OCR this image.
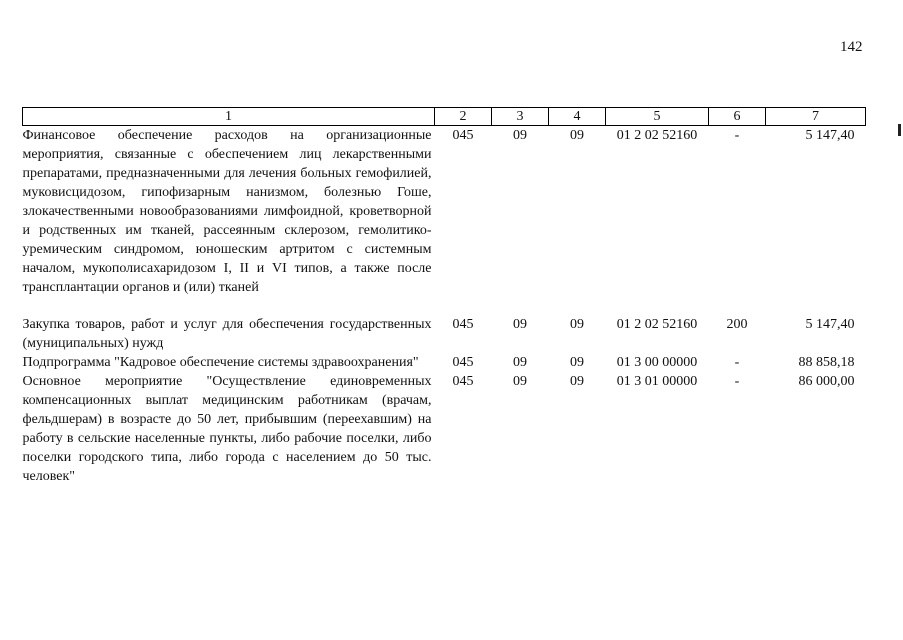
142
1	2	3	4	5	6	7
Финансовое обеспечение расходов на организационные мероприятия, связанные с обеспечением лиц лекарственными препаратами, предназначенными для лечения больных гемофилией, муковисцидозом, гипофизарным нанизмом, болезнью Гоше, злокачественными новообразованиями лимфоидной, кроветворной и родственных им тканей, рассеянным склерозом, гемолитико-уремическим синдромом, юношеским артритом с системным началом, мукополисахаридозом I, II и VI типов, а также после трансплантации органов и (или) тканей	045	09	09	01 2 02 52160	-	5 147,40
Закупка товаров, работ и услуг для обеспечения государственных (муниципальных) нужд	045	09	09	01 2 02 52160	200	5 147,40
Подпрограмма "Кадровое обеспечение системы здравоохранения"	045	09	09	01 3 00 00000	-	88 858,18
Основное мероприятие "Осуществление единовременных компенсационных выплат медицинским работникам (врачам, фельдшерам) в возрасте до 50 лет, прибывшим (переехавшим) на работу в сельские населенные пункты, либо рабочие поселки, либо поселки городского типа, либо города с населением до 50 тыс. человек"	045	09	09	01 3 01 00000	-	86 000,00
